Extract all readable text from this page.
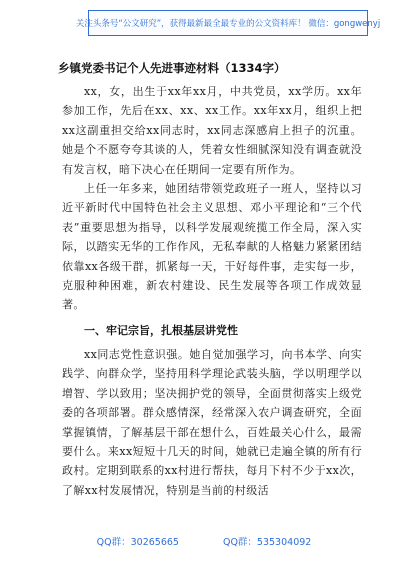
关注头条号“公文研究”，获得最新最全最专业的公文资料库！ 微信：gongwenyj
乡镇党委书记个人先进事迹材料（1334字）

xx，女，出生于xx年xx月，中共党员，xx学历。xx年参加工作，先后在xx、xx、xx工作。xx年xx月，组织上把xx这副重担交给xx同志时，xx同志深感肩上担子的沉重。她是个不愿夸夸其谈的人，凭着女性细腻深知没有调查就没有发言权，暗下决心在任期间一定要有所作为。

上任一年多来，她团结带领党政班子一班人，坚持以习近平新时代中国特色社会主义思想、邓小平理论和“三个代表”重要思想为指导，以科学发展观统揽工作全局，深入实际，以踏实无华的工作作风，无私奉献的人格魅力紧紧团结依靠xx各级干群，抓紧每一天，干好每件事，走实每一步，克服种种困难，新农村建设、民生发展等各项工作成效显著。

一、牢记宗旨，扎根基层讲党性

xx同志党性意识强。她自觉加强学习，向书本学、向实践学、向群众学，坚持用科学理论武装头脑，学以明理学以增智、学以致用；坚决拥护党的领导，全面贯彻落实上级党委的各项部署。群众感情深，经常深入农户调查研究，全面掌握镇情，了解基层干部在想什么，百姓最关心什么，最需要什么。来xx短短十几天的时间，她就已走遍全镇的所有行政村。定期到联系的xx村进行帮扶，每月下村不少于xx次，了解xx村发展情况，特别是当前的村级活

QQ群：30265665	QQ群：535304092
